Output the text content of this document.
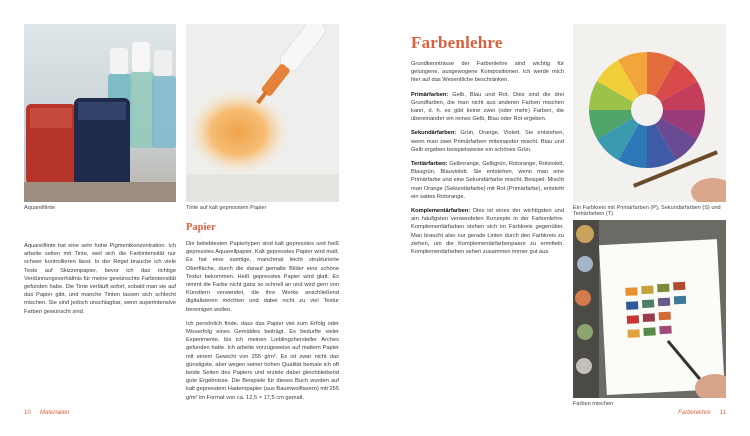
Aquarelltinte	Tinte auf kalt gepresstem Papier
Aquarelltinte hat eine sehr hohe Pigmentkonzentration. Ich arbeite selten mit Tinte, weil sich die Farbintensität nur schwer kontrollieren lässt. In der Regel brauche ich viele Tests auf Skizzenpapier, bevor ich das richtige Verdünnungsverhältnis für meine gewünschte Farbintensität gefunden habe. Die Tinte verläuft sofort, sobald man sie auf das Papier gibt, und manche Tinten lassen sich schlecht mischen. Sie sind jedoch unschlagbar, wenn superintensive Farben gewünscht sind.
Papier

Die beliebtesten Papiertypen sind kalt gepresstes und heiß gepresstes Aquarellpapier. Kalt gepresstes Papier wird matt. Es hat eine samtige, manchmal leicht strukturierte Oberfläche, durch die darauf gemalte Bilder eine schöne Textur bekommen. Heiß gepresstes Papier wird glatt. Es nimmt die Farbe nicht ganz so schnell an und wird gern von Künstlern verwendet, die ihre Werke anschließend digitalisieren möchten und dabei nicht zu viel Textur bereinigen wollen.

Ich persönlich finde, dass das Papier viel zum Erfolg oder Misserfolg eines Gemäldes beiträgt. Es bedurfte vieler Experimente, bis ich meinen Lieblingshersteller Arches gefunden hatte. Ich arbeite vorzugsweise auf mattem Papier mit einem Gewicht von 255 g/m². Es ist zwar nicht das günstigste, aber wegen seiner hohen Qualität bemale ich oft beide Seiten des Papiers und erziele dabei gleichbleibend gute Ergebnisse. Die Beispiele für dieses Buch wurden auf kalt gepresstem Hadernpapier (aus Baumwollfasern) mit 255 g/m² im Format von ca. 12,5 × 17,5 cm gemalt.

10 Materialien
Farbenlehre

Grundkenntnisse der Farbenlehre sind wichtig für gelungene, ausgewogene Kompositionen. Ich werde mich hier auf das Wesentliche beschränken.

Primärfarben: Gelb, Blau und Rot. Dies sind die drei Grundfarben, die man nicht aus anderen Farben mischen kann, d. h. es gibt keine zwei (oder mehr) Farben, die übereinander ein reines Gelb, Blau oder Rot ergeben.

Sekundärfarben: Grün, Orange, Violett. Sie entstehen, wenn man zwei Primärfarben miteinander mischt. Blau und Gelb ergeben beispielsweise ein schönes Grün.

Tertiärfarben: Gelborange, Gelbgrün, Rotorange, Rotviolett, Blaugrün, Blauviolett. Sie entstehen, wenn man eine Primärfarbe und eine Sekundärfarbe mischt. Beispiel: Mischt man Orange (Sekundärfarbe) mit Rot (Primärfarbe), entsteht ein sattes Rotorange.

Komplementärfarben: Dies ist eines der wichtigsten und am häufigsten verwendeten Konzepte in der Farbenlehre. Komplementärfarben stehen sich im Farbkreis gegenüber. Man braucht also nur gerade Linien durch den Farbkreis zu ziehen, um die Komplementärfarbenpaare zu ermitteln. Komplementärfarben sehen zusammen immer gut aus.

Ein Farbkreis mit Primärfarben (P), Sekundärfarben (S) und Tertiärfarben (T)
Farben mischen
Farbenlehre 11
